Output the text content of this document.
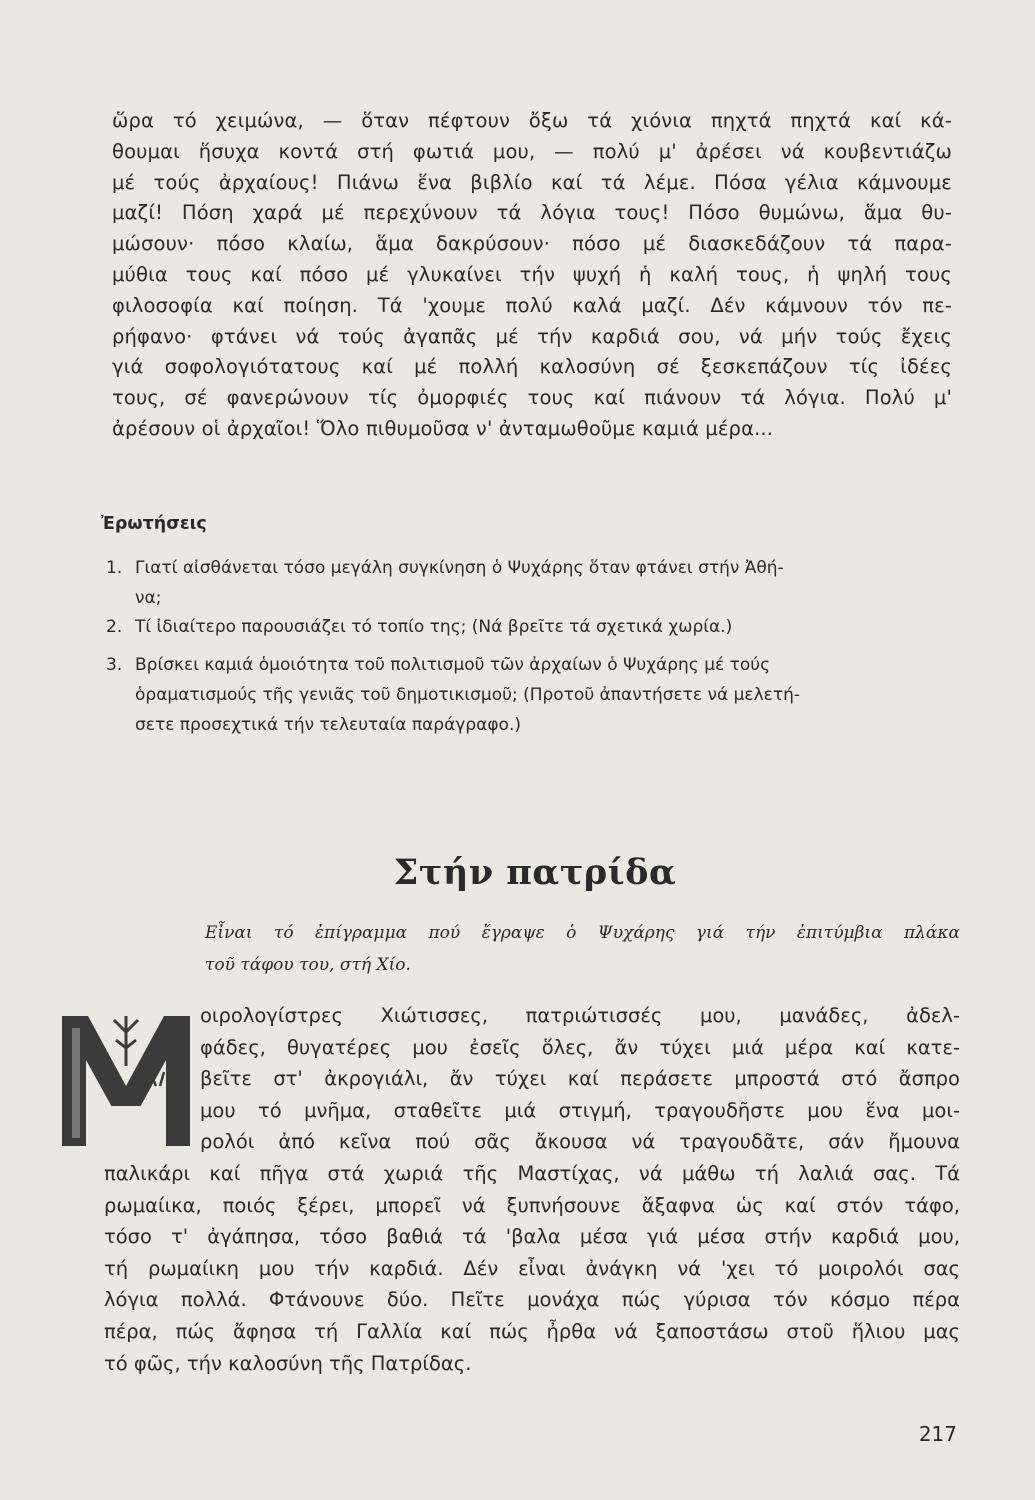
ὥρα τό χειμώνα, — ὅταν πέφτουν ὄξω τά χιόνια πηχτά πηχτά καί κά-
θουμαι ἥσυχα κοντά στή φωτιά μου, — πολύ μ' ἀρέσει νά κουβεντιάζω
μέ τούς ἀρχαίους! Πιάνω ἕνα βιβλίο καί τά λέμε. Πόσα γέλια κάμνουμε
μαζί! Πόση χαρά μέ περεχύνουν τά λόγια τους! Πόσο θυμώνω, ἅμα θυ-
μώσουν· πόσο κλαίω, ἅμα δακρύσουν· πόσο μέ διασκεδάζουν τά παρα-
μύθια τους καί πόσο μέ γλυκαίνει τήν ψυχή ἡ καλή τους, ἡ ψηλή τους
φιλοσοφία καί ποίηση. Τά 'χουμε πολύ καλά μαζί. Δέν κάμνουν τόν πε-
ρήφανο· φτάνει νά τούς ἀγαπᾶς μέ τήν καρδιά σου, νά μήν τούς ἔχεις
γιά σοφολογιότατους καί μέ πολλή καλοσύνη σέ ξεσκεπάζουν τίς ἰδέες
τους, σέ φανερώνουν τίς ὀμορφιές τους καί πιάνουν τά λόγια. Πολύ μ'
ἀρέσουν οἱ ἀρχαῖοι! Ὅλο πιθυμοῦσα ν' ἀνταμωθοῦμε καμιά μέρα...
Ἐρωτήσεις
1. Γιατί αἰσθάνεται τόσο μεγάλη συγκίνηση ὁ Ψυχάρης ὅταν φτάνει στήν Ἀθή-
να;
2. Τί ἰδιαίτερο παρουσιάζει τό τοπίο της; (Νά βρεῖτε τά σχετικά χωρία.)
3. Βρίσκει καμιά ὁμοιότητα τοῦ πολιτισμοῦ τῶν ἀρχαίων ὁ Ψυχάρης μέ τούς
ὁραματισμούς τῆς γενιᾶς τοῦ δημοτικισμοῦ; (Προτοῦ ἀπαντήσετε νά μελετή-
σετε προσεχτικά τήν τελευταία παράγραφο.)
Στήν πατρίδα
Εἶναι τό ἐπίγραμμα πού ἔγραψε ὁ Ψυχάρης γιά τήν ἐπιτύμβια πλάκα
τοῦ τάφου του, στή Χίο.
οιρολογίστρες Χιώτισσες, πατριώτισσές μου, μανάδες, ἀδελ-
φάδες, θυγατέρες μου ἐσεῖς ὅλες, ἄν τύχει μιά μέρα καί κατε-
βεῖτε στ' ἀκρογιάλι, ἄν τύχει καί περάσετε μπροστά στό ἄσπρο
μου τό μνῆμα, σταθεῖτε μιά στιγμή, τραγουδῆστε μου ἕνα μοι-
ρολόι ἀπό κεῖνα πού σᾶς ἄκουσα νά τραγουδᾶτε, σάν ἤμουνα
παλικάρι καί πῆγα στά χωριά τῆς Μαστίχας, νά μάθω τή λαλιά σας. Τά
ρωμαίικα, ποιός ξέρει, μπορεῖ νά ξυπνήσουνε ἄξαφνα ὡς καί στόν τάφο,
τόσο τ' ἀγάπησα, τόσο βαθιά τά 'βαλα μέσα γιά μέσα στήν καρδιά μου,
τή ρωμαίικη μου τήν καρδιά. Δέν εἶναι ἀνάγκη νά 'χει τό μοιρολόι σας
λόγια πολλά. Φτάνουνε δύο. Πεῖτε μονάχα πώς γύρισα τόν κόσμο πέρα
πέρα, πώς ἄφησα τή Γαλλία καί πώς ἦρθα νά ξαποστάσω στοῦ ἥλιου μας
τό φῶς, τήν καλοσύνη τῆς Πατρίδας.
217
